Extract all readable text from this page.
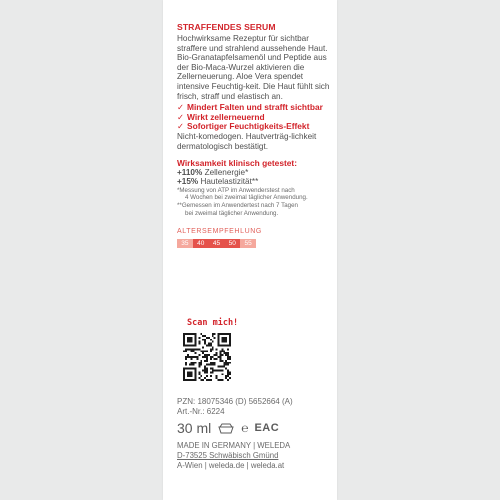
STRAFFENDES SERUM
Hochwirksame Rezeptur für sichtbar straffere und strahlend aussehende Haut. Bio-Granatapfelsamenöl und Peptide aus der Bio-Maca-Wurzel aktivieren die Zellerneuerung. Aloe Vera spendet intensive Feuchtig-keit. Die Haut fühlt sich frisch, straff und elastisch an.
✓ Mindert Falten und strafft sichtbar
✓ Wirkt zellerneuernd
✓ Sofortiger Feuchtigkeits-Effekt
Nicht-komedogen. Hautverträg-lichkeit dermatologisch bestätigt.
Wirksamkeit klinisch getestet:
+110% Zellenergie*
+15% Hautelastizität**
*Messung von ATP im Anwenderstest nach
4 Wochen bei zweimal täglicher Anwendung.
**Gemessen im Anwendertest nach 7 Tagen
bei zweimal täglicher Anwendung.
ALTERSEMPFEHLUNG
35	40	45	50	55
Scan mich!
PZN: 18075346 (D) 5652664 (A)
Art.-Nr.: 6224
30 ml	℮ EAC
MADE IN GERMANY | WELEDA
D-73525 Schwäbisch Gmünd
A-Wien | weleda.de | weleda.at
